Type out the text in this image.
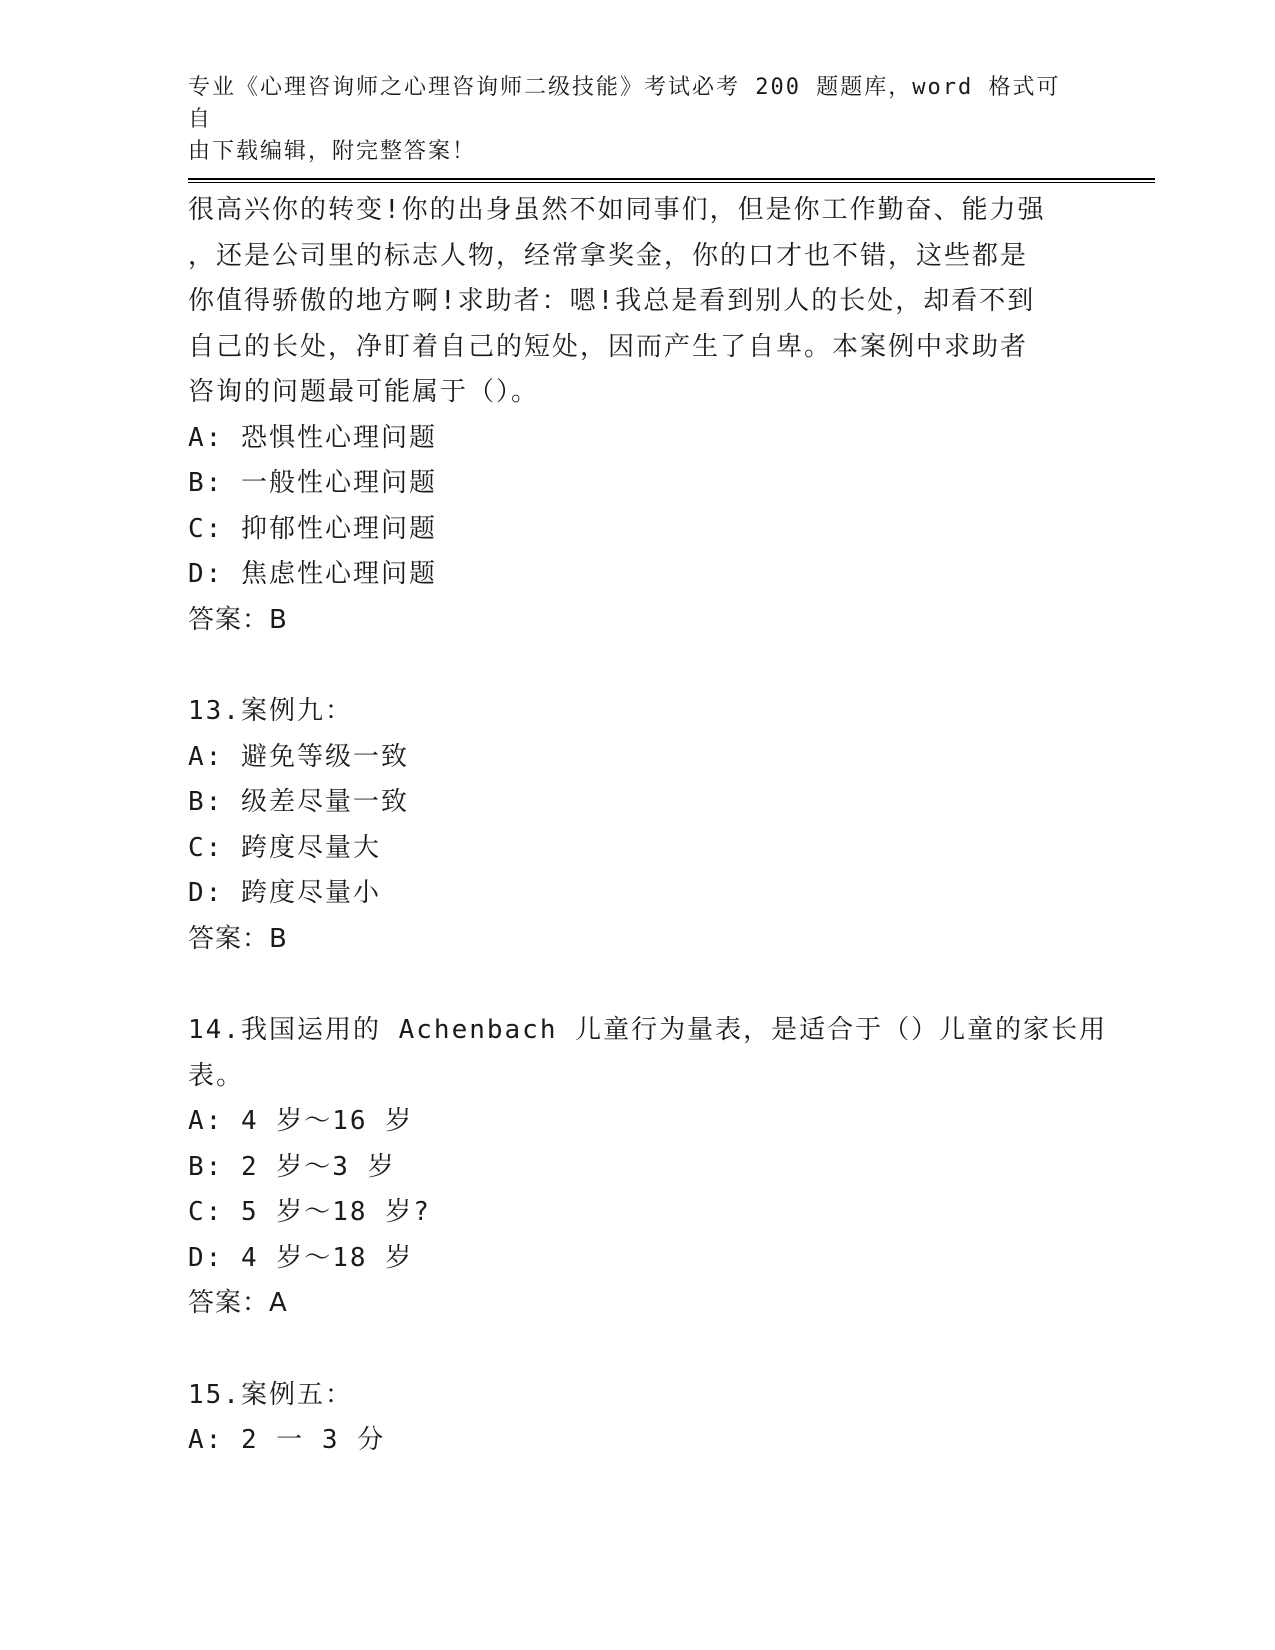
专业《心理咨询师之心理咨询师二级技能》考试必考 200 题题库，word 格式可自
由下载编辑，附完整答案！
很高兴你的转变!你的出身虽然不如同事们，但是你工作勤奋、能力强
，还是公司里的标志人物，经常拿奖金，你的口才也不错，这些都是
你值得骄傲的地方啊!求助者：嗯!我总是看到别人的长处，却看不到
自己的长处，净盯着自己的短处，因而产生了自卑。本案例中求助者
咨询的问题最可能属于（）。
A: 恐惧性心理问题
B: 一般性心理问题
C: 抑郁性心理问题
D: 焦虑性心理问题
答案：B
13.案例九：
A: 避免等级一致
B: 级差尽量一致
C: 跨度尽量大
D: 跨度尽量小
答案：B
14.我国运用的 Achenbach 儿童行为量表，是适合于（）儿童的家长用
表。
A: 4 岁～16 岁
B: 2 岁～3 岁
C: 5 岁～18 岁?
D: 4 岁～18 岁
答案：A
15.案例五：
A: 2 一 3 分
